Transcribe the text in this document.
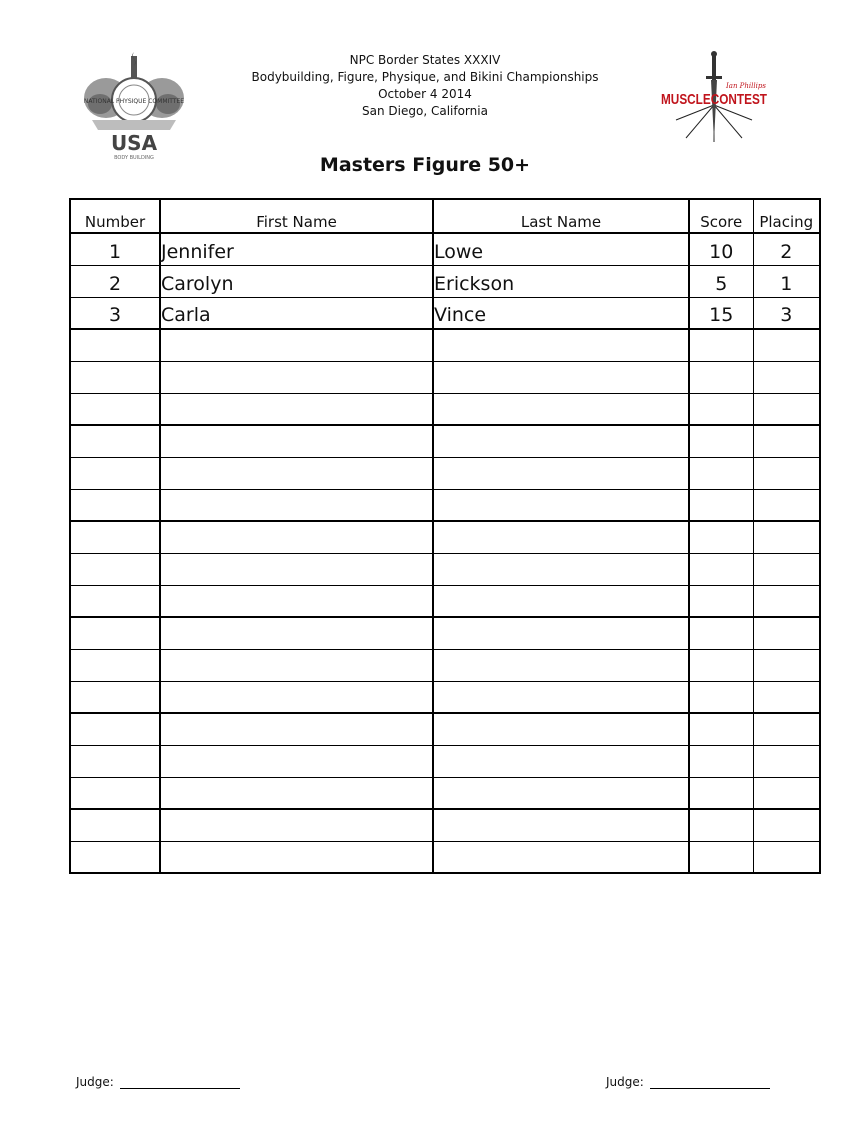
NPC Border States XXXIV
Bodybuilding, Figure, Physique, and Bikini Championships
October 4 2014
San Diego, California
NATIONAL PHYSIQUE COMMITTEE
USA
BODY BUILDING
Ian Phillips
MUSCLECONTEST
Masters Figure 50+
Number	First Name	Last Name	Score	Placing
1	Jennifer	Lowe	10	2
2	Carolyn	Erickson	5	1
3	Carla	Vince	15	3

Judge:	Judge:
